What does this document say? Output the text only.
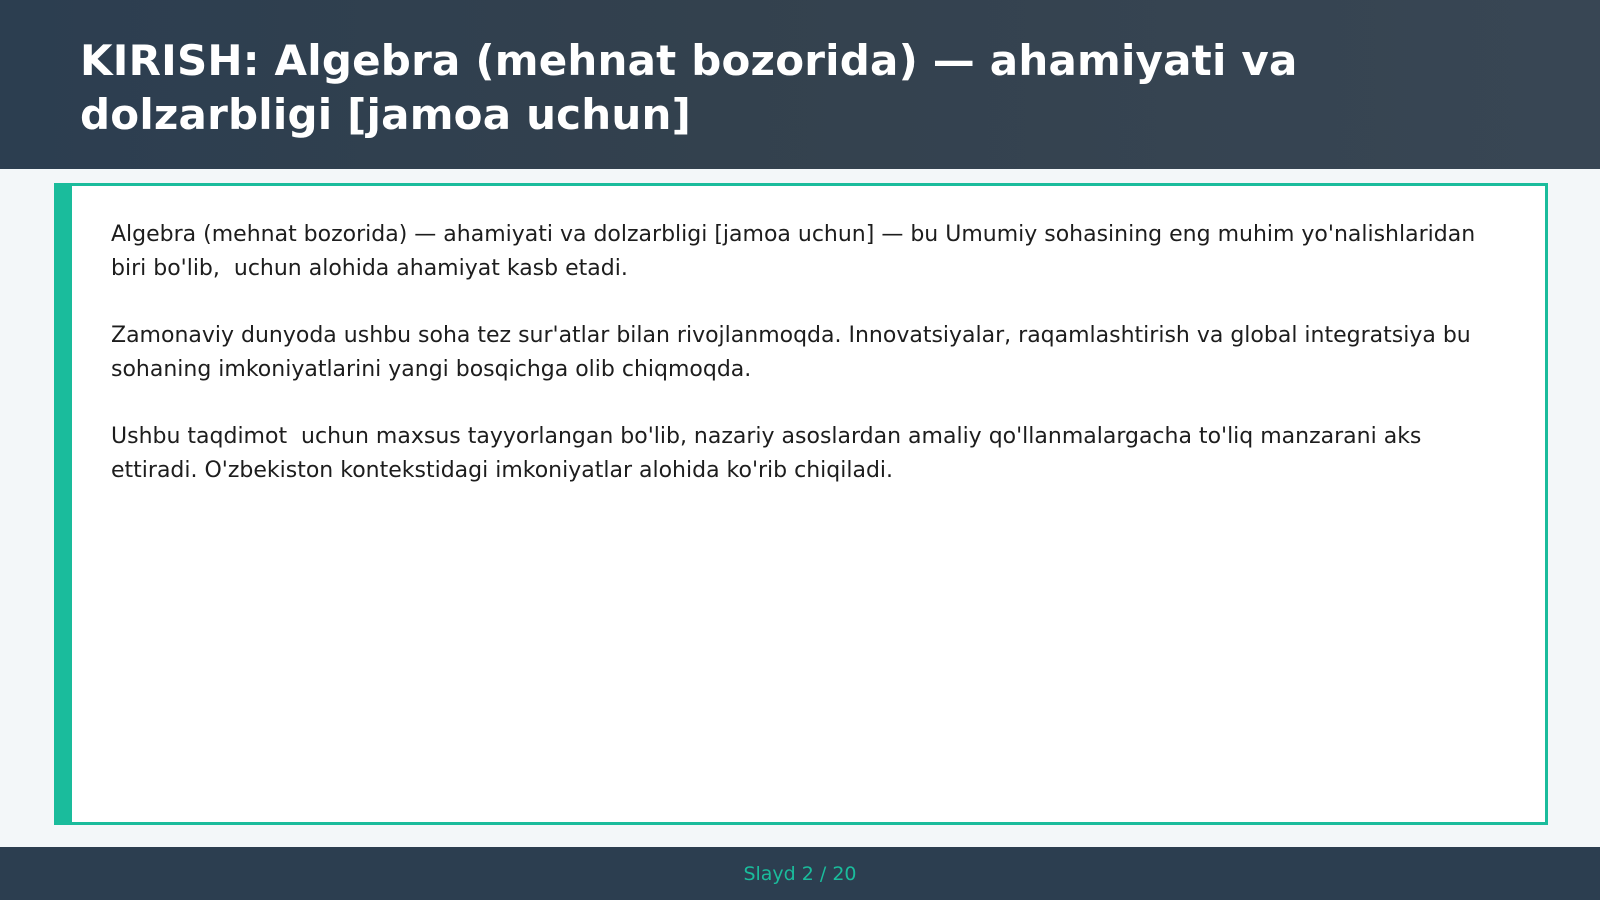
KIRISH: Algebra (mehnat bozorida) — ahamiyati va dolzarbligi [jamoa uchun]

Algebra (mehnat bozorida) — ahamiyati va dolzarbligi [jamoa uchun] — bu Umumiy sohasining eng muhim yo'nalishlaridan biri bo'lib,  uchun alohida ahamiyat kasb etadi.

Zamonaviy dunyoda ushbu soha tez sur'atlar bilan rivojlanmoqda. Innovatsiyalar, raqamlashtirish va global integratsiya bu sohaning imkoniyatlarini yangi bosqichga olib chiqmoqda.

Ushbu taqdimot  uchun maxsus tayyorlangan bo'lib, nazariy asoslardan amaliy qo'llanmalargacha to'liq manzarani aks ettiradi. O'zbekiston kontekstidagi imkoniyatlar alohida ko'rib chiqiladi.

Slayd 2 / 20
